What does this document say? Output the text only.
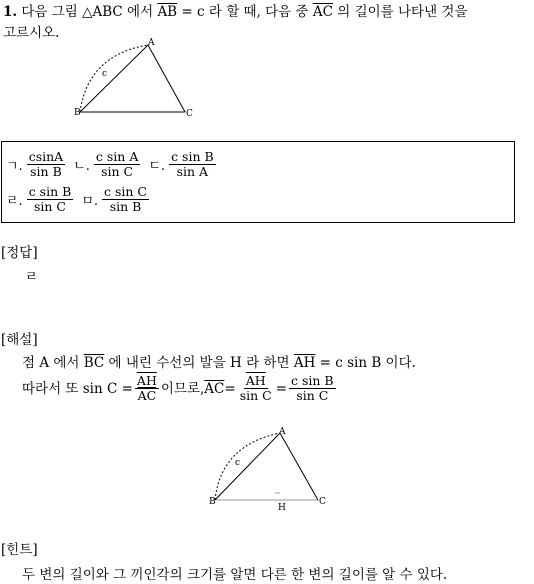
1. 다음 그림 △ABC 에서 $\overline{AB} = c$ 라 할 때, 다음 중 $\overline{AC}$ 의 길이를 나타낸 것을
고르시오.
A
B	C
c
ㄱ. $\frac{csinA}{\text{sin B}}$ ㄴ. $\frac{\text{c sin A}}{\text{sin C}}$ ㄷ. $\frac{\text{c sin B}}{\text{sin A}}$
ㄹ. $\frac{\text{c sin B}}{\text{sin C}}$ ㅁ. $\frac{\text{c sin C}}{\text{sin B}}$
[정답]
ㄹ
[해설]
점 A 에서 $\overline{BC}$ 에 내린 수선의 발을 H 라 하면 $\overline{AH} = c$ sin B 이다.
따라서 또 $\sin C = \frac{\overline{AH}}{AC}$ 이므로, $\overline{AC} = \frac{\overline{AH}}{\text{sin C}} = \frac{\text{c sin B}}{\text{sin C}}$
A
B	C
H
c
[힌트]
두 변의 길이와 그 끼인각의 크기를 알면 다른 한 변의 길이를 알 수 있다.
